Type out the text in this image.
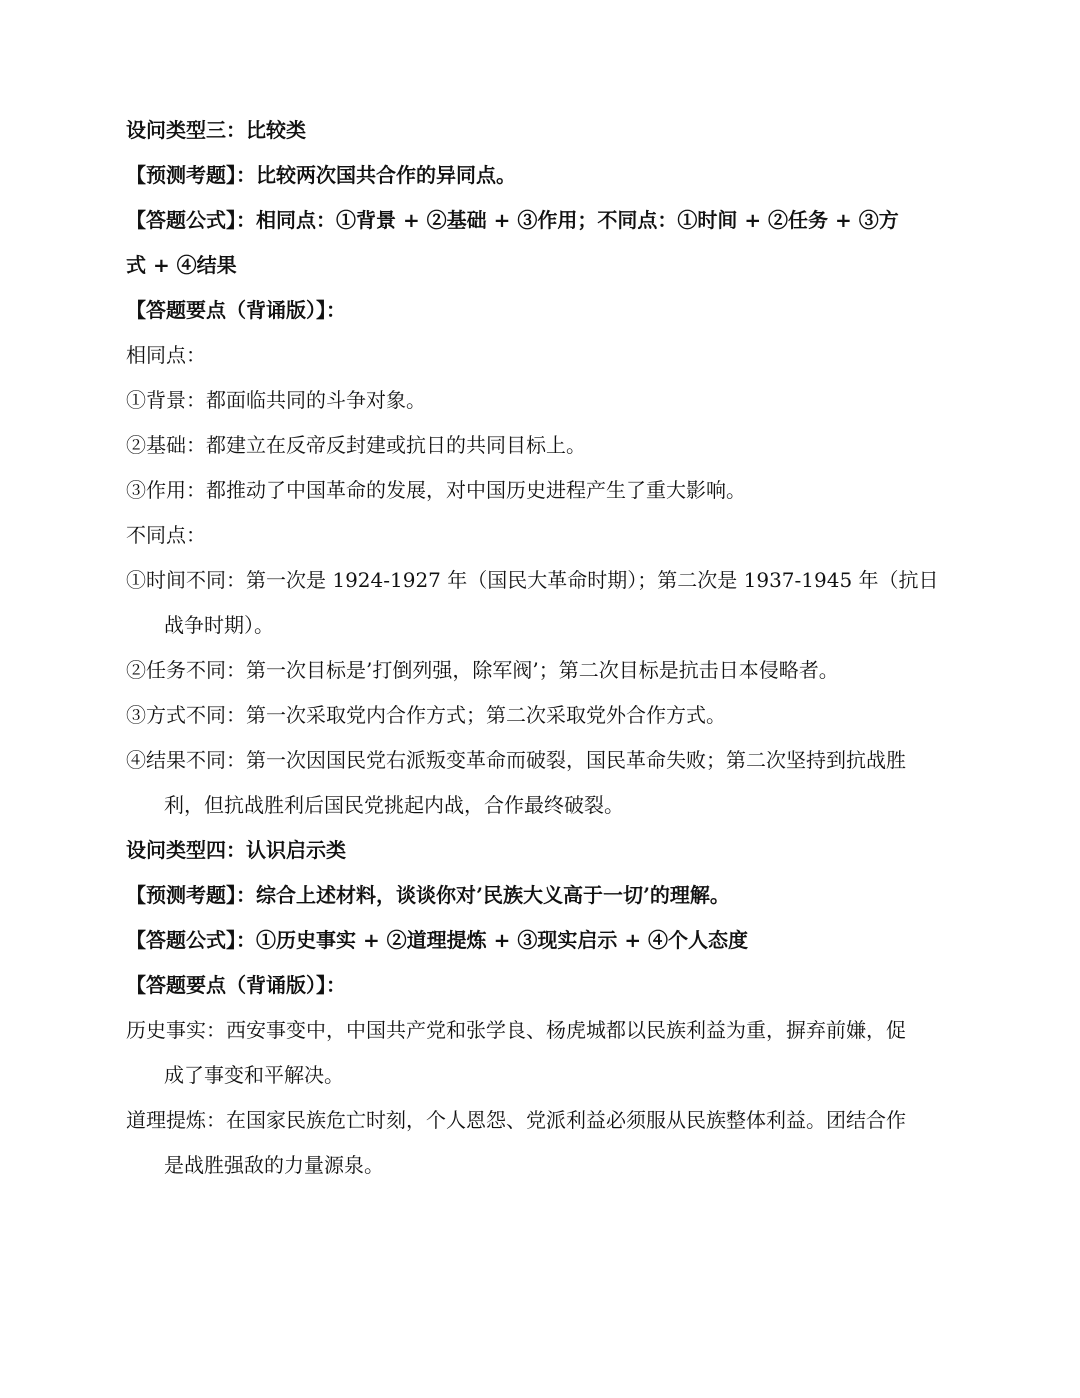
设问类型三：比较类
【预测考题】：比较两次国共合作的异同点。
【答题公式】：相同点：①背景 + ②基础 + ③作用；不同点：①时间 + ②任务 + ③方
式 + ④结果
【答题要点（背诵版）】：
相同点：
①背景：都面临共同的斗争对象。
②基础：都建立在反帝反封建或抗日的共同目标上。
③作用：都推动了中国革命的发展，对中国历史进程产生了重大影响。
不同点：
①时间不同：第一次是 1924-1927 年（国民大革命时期）；第二次是 1937-1945 年（抗日
战争时期）。
②任务不同：第一次目标是’打倒列强，除军阀’；第二次目标是抗击日本侵略者。
③方式不同：第一次采取党内合作方式；第二次采取党外合作方式。
④结果不同：第一次因国民党右派叛变革命而破裂，国民革命失败；第二次坚持到抗战胜
利，但抗战胜利后国民党挑起内战，合作最终破裂。
设问类型四：认识启示类
【预测考题】：综合上述材料，谈谈你对’民族大义高于一切’的理解。
【答题公式】：①历史事实 + ②道理提炼 + ③现实启示 + ④个人态度
【答题要点（背诵版）】：
历史事实：西安事变中，中国共产党和张学良、杨虎城都以民族利益为重，摒弃前嫌，促
成了事变和平解决。
道理提炼：在国家民族危亡时刻，个人恩怨、党派利益必须服从民族整体利益。团结合作
是战胜强敌的力量源泉。
